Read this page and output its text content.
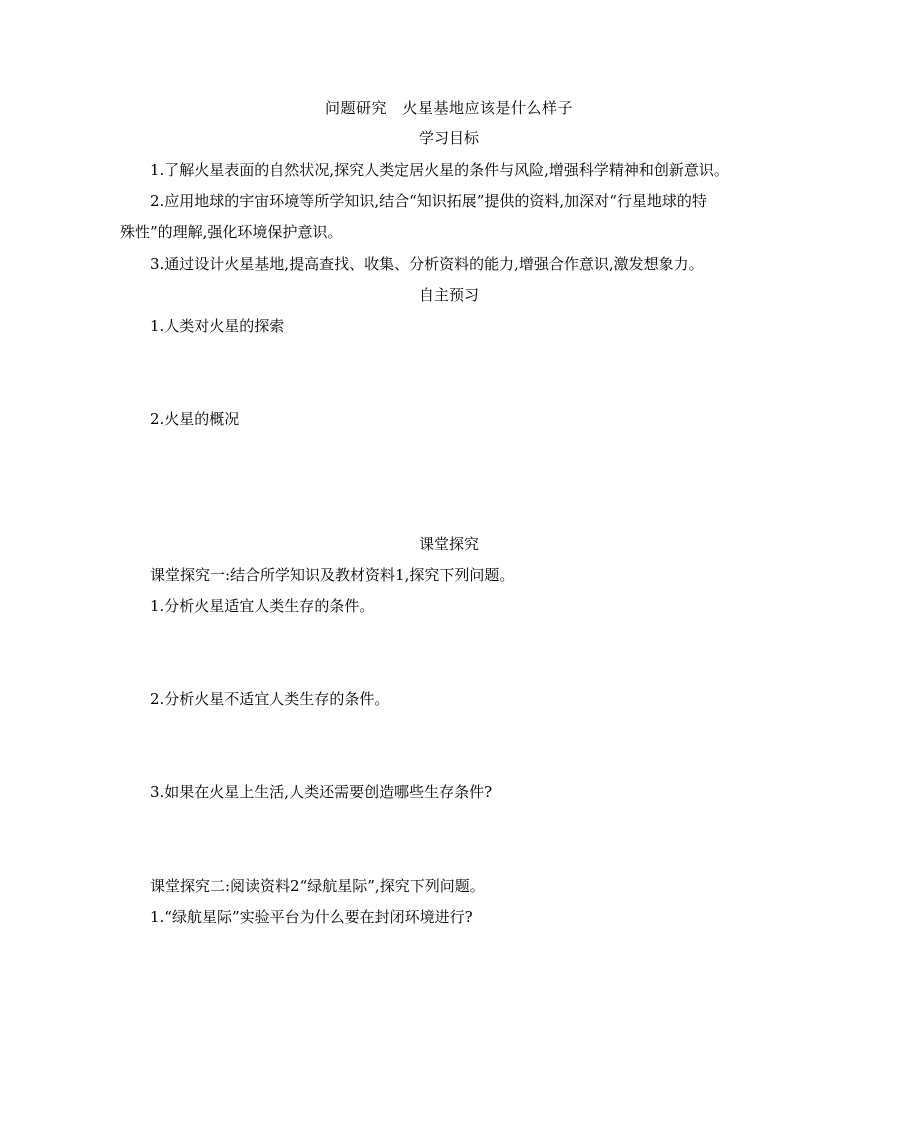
问题研究　火星基地应该是什么样子
学习目标
1.了解火星表面的自然状况,探究人类定居火星的条件与风险,增强科学精神和创新意识。
2.应用地球的宇宙环境等所学知识,结合“知识拓展”提供的资料,加深对“行星地球的特
殊性”的理解,强化环境保护意识。
3.通过设计火星基地,提高查找、收集、分析资料的能力,增强合作意识,激发想象力。
自主预习
1.人类对火星的探索
2.火星的概况
课堂探究
课堂探究一:结合所学知识及教材资料1,探究下列问题。
1.分析火星适宜人类生存的条件。
2.分析火星不适宜人类生存的条件。
3.如果在火星上生活,人类还需要创造哪些生存条件?
课堂探究二:阅读资料2“绿航星际”,探究下列问题。
1.“绿航星际”实验平台为什么要在封闭环境进行?
